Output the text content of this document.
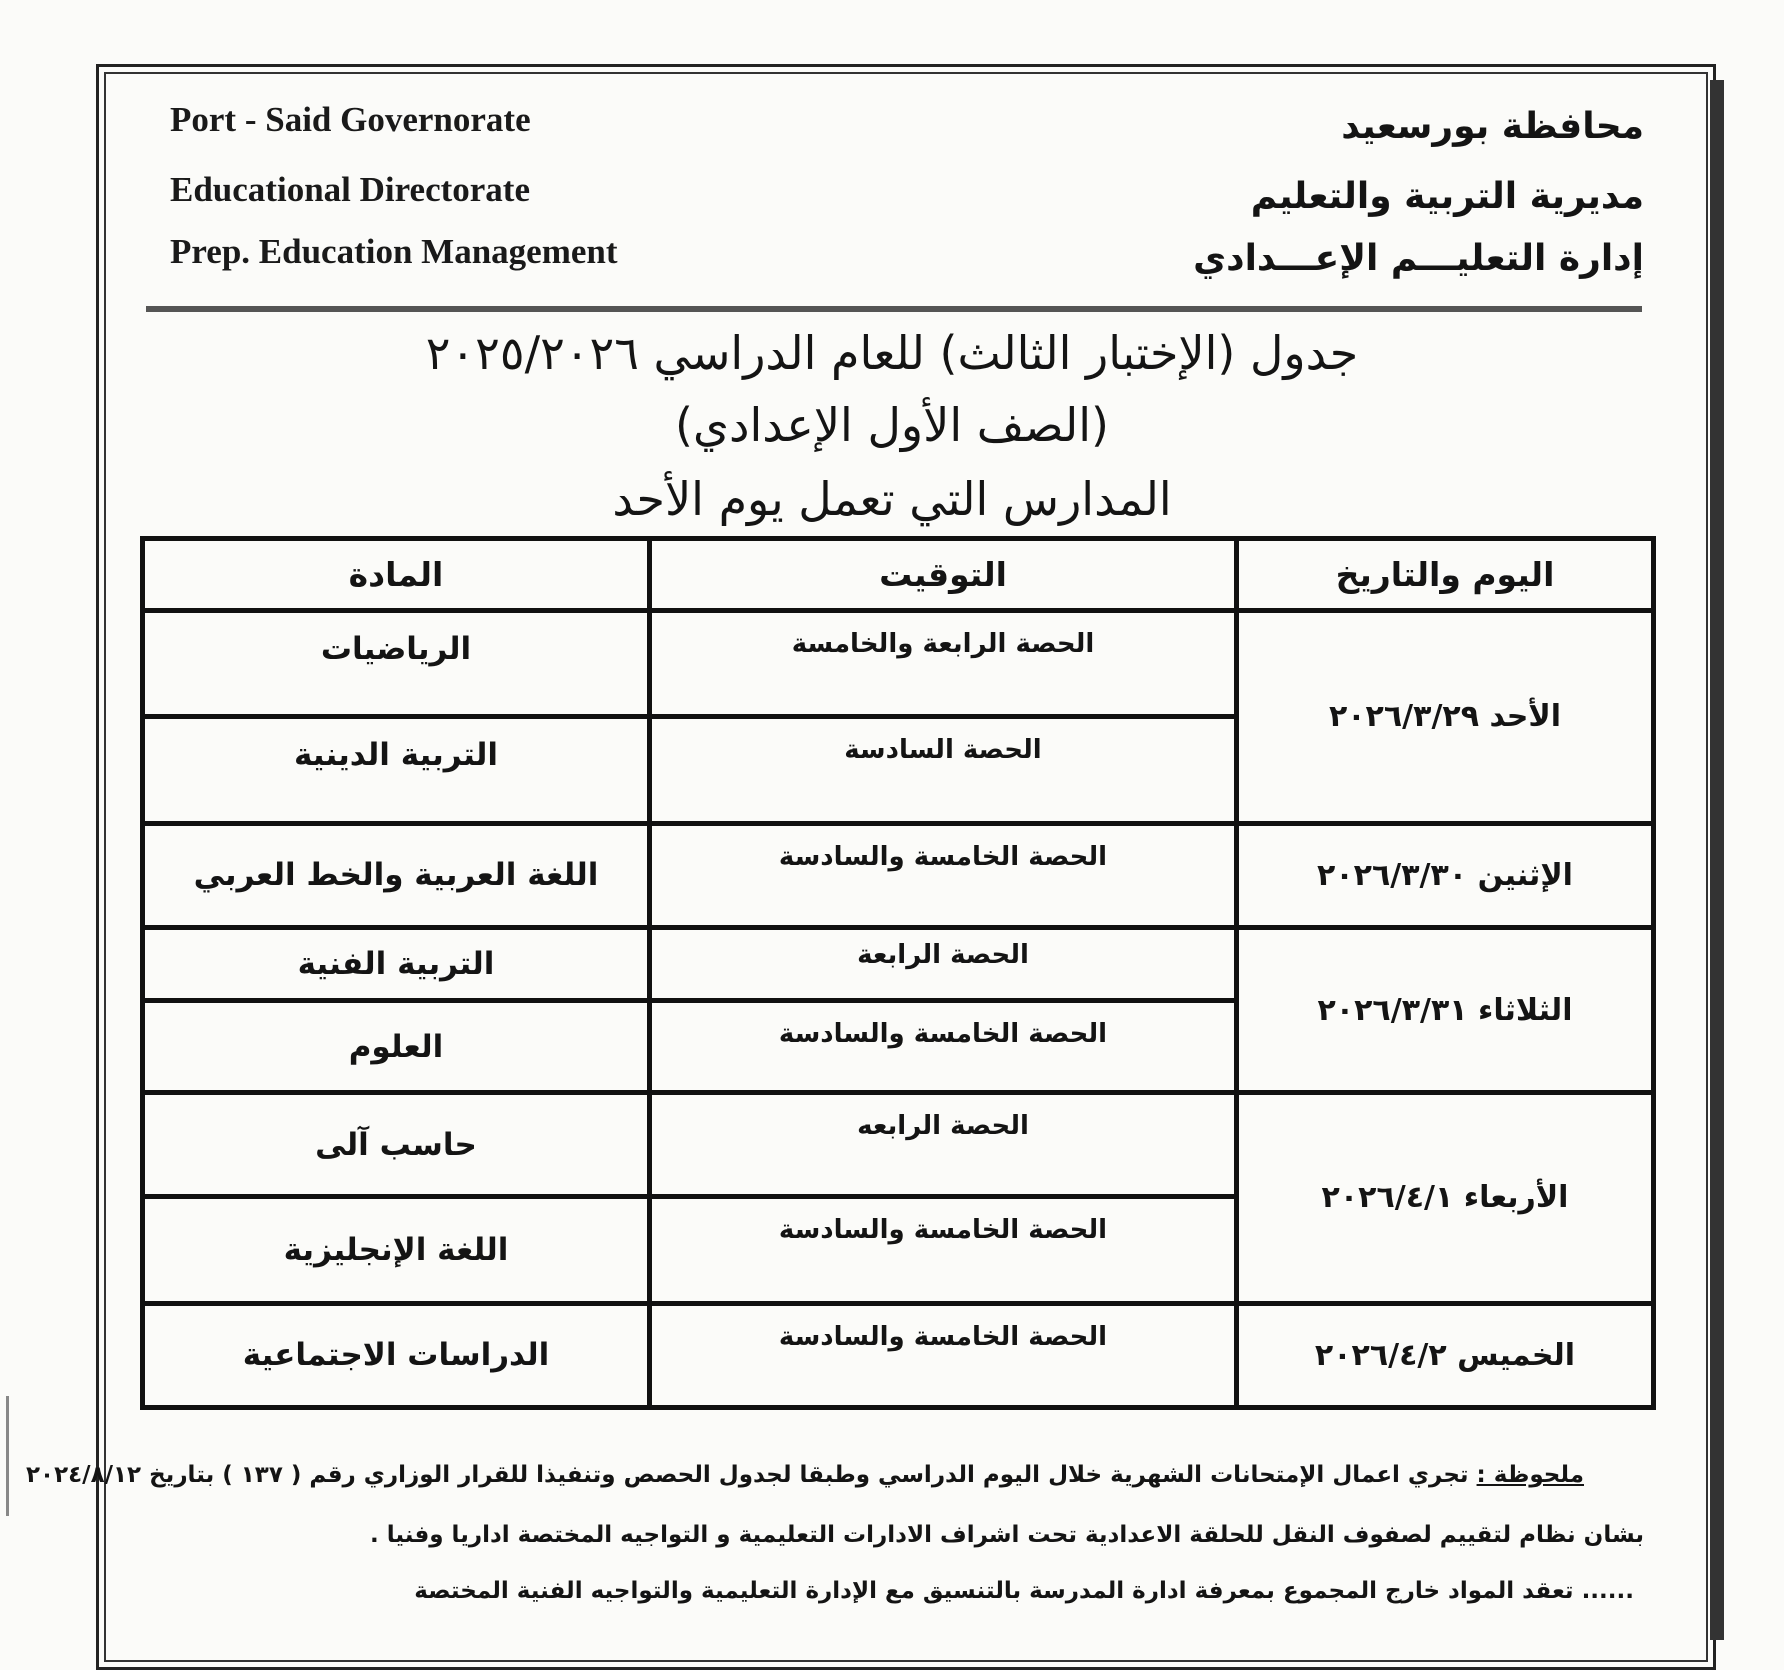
Port - Said Governorate
Educational Directorate
Prep. Education Management
محافظة بورسعيد
مديرية التربية والتعليم
إدارة التعليـــم الإعـــدادي
جدول (الإختبار الثالث) للعام الدراسي ٢٠٢٥/٢٠٢٦
(الصف الأول الإعدادي)
المدارس التي تعمل يوم الأحد
اليوم والتاريخ	التوقيت	المادة
الأحد ٢٠٢٦/٣/٢٩	الحصة الرابعة والخامسة	الرياضيات
	الحصة السادسة	التربية الدينية
الإثنين ٢٠٢٦/٣/٣٠	الحصة الخامسة والسادسة	اللغة العربية والخط العربي
الثلاثاء ٢٠٢٦/٣/٣١	الحصة الرابعة	التربية الفنية
	الحصة الخامسة والسادسة	العلوم
الأربعاء ٢٠٢٦/٤/١	الحصة الرابعه	حاسب آلى
	الحصة الخامسة والسادسة	اللغة الإنجليزية
الخميس ٢٠٢٦/٤/٢	الحصة الخامسة والسادسة	الدراسات الاجتماعية
ملحوظة : تجري اعمال الإمتحانات الشهرية خلال اليوم الدراسي وطبقا لجدول الحصص وتنفيذا للقرار الوزاري رقم ( ١٣٧ ) بتاريخ ٢٠٢٤/٨/١٢
بشان نظام لتقييم لصفوف النقل للحلقة الاعدادية تحت اشراف الادارات التعليمية و التواجيه المختصة اداريا وفنيا .
...... تعقد المواد خارج المجموع بمعرفة ادارة المدرسة بالتنسيق مع الإدارة التعليمية والتواجيه الفنية المختصة
